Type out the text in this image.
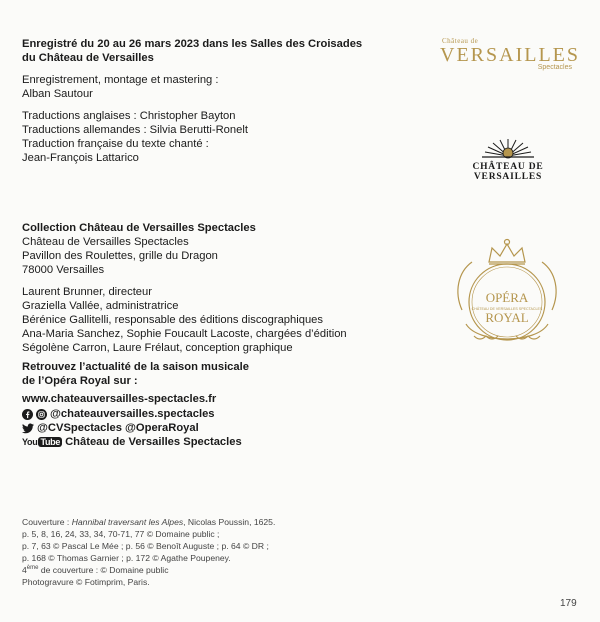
Enregistré du 20 au 26 mars 2023 dans les Salles des Croisades
du Château de Versailles
Enregistrement, montage et mastering :
Alban Sautour
Traductions anglaises : Christopher Bayton
Traductions allemandes : Silvia Berutti-Ronelt
Traduction française du texte chanté :
Jean-François Lattarico
Collection Château de Versailles Spectacles
Château de Versailles Spectacles
Pavillon des Roulettes, grille du Dragon
78000 Versailles
Laurent Brunner, directeur
Graziella Vallée, administratrice
Bérénice Gallitelli, responsable des éditions discographiques
Ana-Maria Sanchez, Sophie Foucault Lacoste, chargées d’édition
Ségolène Carron, Laure Frélaut, conception graphique
Retrouvez l’actualité de la saison musicale
de l’Opéra Royal sur :
www.chateauversailles-spectacles.fr
@chateauversailles.spectacles
@CVSpectacles @OperaRoyal
You Tube Château de Versailles Spectacles
Couverture : Hannibal traversant les Alpes, Nicolas Poussin, 1625.
p. 5, 8, 16, 24, 33, 34, 70-71, 77 © Domaine public ;
p. 7, 63 © Pascal Le Mée ; p. 56 © Benoît Auguste ; p. 64 © DR ;
p. 168 © Thomas Garnier ; p. 172 © Agathe Poupeney.
4ème de couverture : © Domaine public
Photogravure © Fotimprim, Paris.
Château de
VERSAILLES
Spectacles
CHÂTEAU DE VERSAILLES
OPÉRA
CHÂTEAU DE VERSAILLES SPECTACLES
ROYAL
179
